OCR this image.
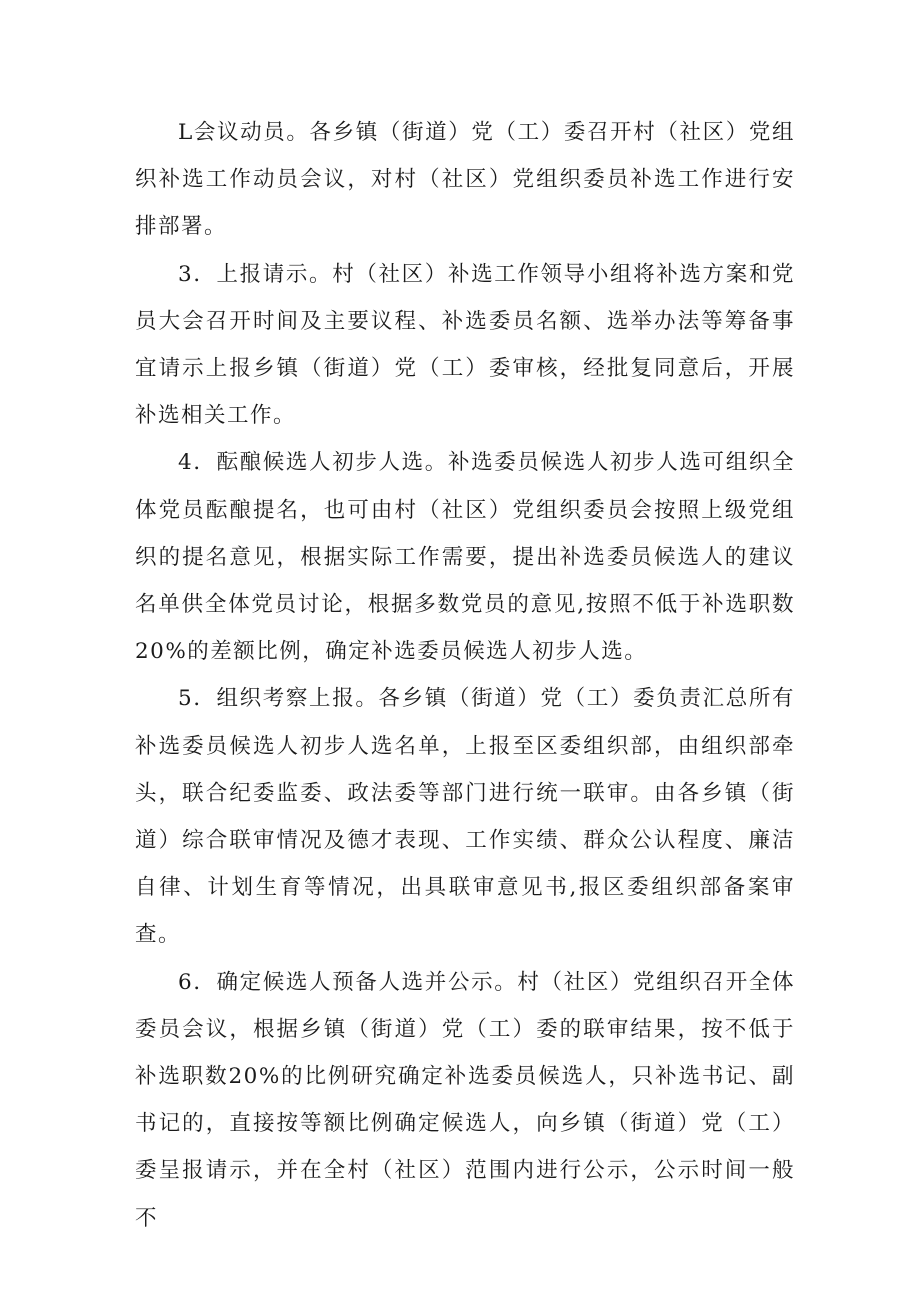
L会议动员。各乡镇（街道）党（工）委召开村（社区）党组织补选工作动员会议，对村（社区）党组织委员补选工作进行安排部署。

3．上报请示。村（社区）补选工作领导小组将补选方案和党员大会召开时间及主要议程、补选委员名额、选举办法等筹备事宜请示上报乡镇（街道）党（工）委审核，经批复同意后，开展补选相关工作。

4．酝酿候选人初步人选。补选委员候选人初步人选可组织全体党员酝酿提名，也可由村（社区）党组织委员会按照上级党组织的提名意见，根据实际工作需要，提出补选委员候选人的建议名单供全体党员讨论，根据多数党员的意见,按照不低于补选职数20%的差额比例，确定补选委员候选人初步人选。

5．组织考察上报。各乡镇（街道）党（工）委负责汇总所有补选委员候选人初步人选名单，上报至区委组织部，由组织部牵头，联合纪委监委、政法委等部门进行统一联审。由各乡镇（街道）综合联审情况及德才表现、工作实绩、群众公认程度、廉洁自律、计划生育等情况，出具联审意见书,报区委组织部备案审查。

6．确定候选人预备人选并公示。村（社区）党组织召开全体委员会议，根据乡镇（街道）党（工）委的联审结果，按不低于补选职数20%的比例研究确定补选委员候选人，只补选书记、副书记的，直接按等额比例确定候选人，向乡镇（街道）党（工）委呈报请示，并在全村（社区）范围内进行公示，公示时间一般不
